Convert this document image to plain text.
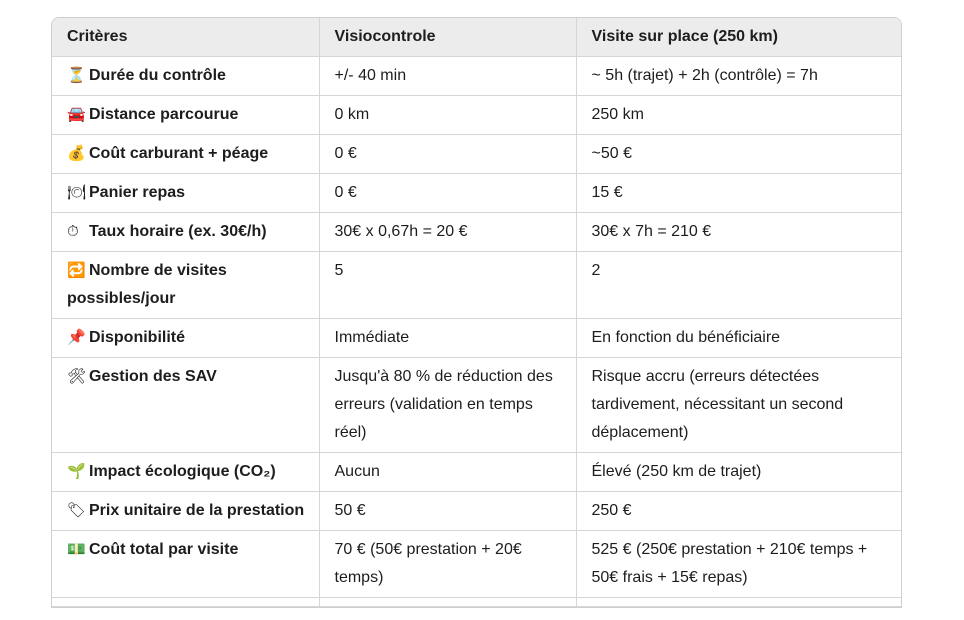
Critères	Visiocontrole	Visite sur place (250 km)
⏳ Durée du contrôle	+/- 40 min	~ 5h (trajet) + 2h (contrôle) = 7h
🚘 Distance parcourue	0 km	250 km
💰 Coût carburant + péage	0 €	~50 €
🍽 Panier repas	0 €	15 €
⏱ Taux horaire (ex. 30€/h)	30€ x 0,67h = 20 €	30€ x 7h = 210 €
🔁 Nombre de visites possibles/jour	5	2
📌 Disponibilité	Immédiate	En fonction du bénéficiaire
🛠 Gestion des SAV	Jusqu'à 80 % de réduction des erreurs (validation en temps réel)	Risque accru (erreurs détectées tardivement, nécessitant un second déplacement)
🌱 Impact écologique (CO₂)	Aucun	Élevé (250 km de trajet)
🏷 Prix unitaire de la prestation	50 €	250 €
💵 Coût total par visite	70 € (50€ prestation + 20€ temps)	525 € (250€ prestation + 210€ temps + 50€ frais + 15€ repas)
